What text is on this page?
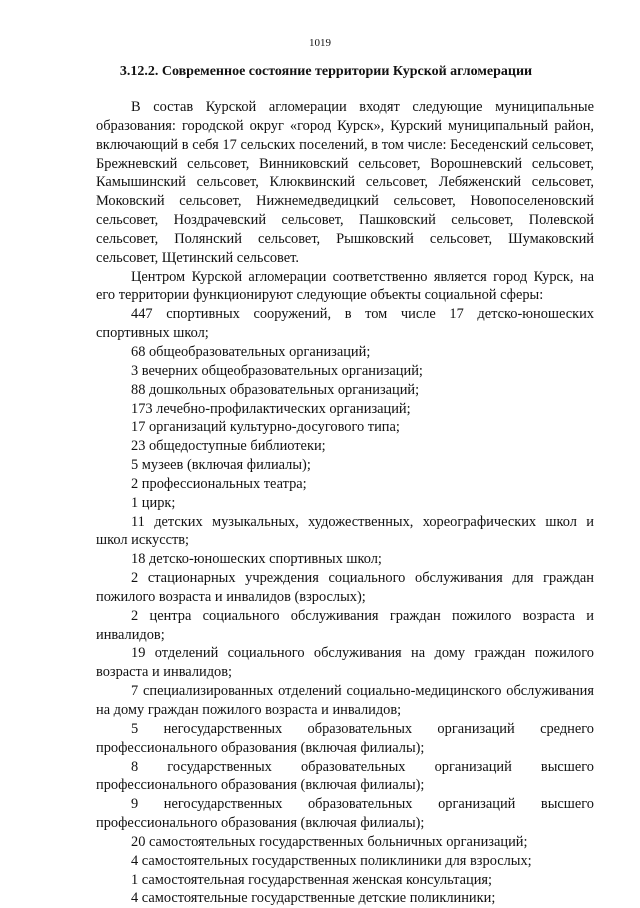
1019
3.12.2. Современное состояние территории Курской агломерации

В состав Курской агломерации входят следующие муниципальные образования: городской округ «город Курск», Курский муниципальный район, включающий в себя 17 сельских поселений, в том числе: Беседенский сельсовет, Брежневский сельсовет, Винниковский сельсовет, Ворошневский сельсовет, Камышинский сельсовет, Клюквинский сельсовет, Лебяженский сельсовет, Моковский сельсовет, Нижнемедведицкий сельсовет, Новопоселеновский сельсовет, Ноздрачевский сельсовет, Пашковский сельсовет, Полевской сельсовет, Полянский сельсовет, Рышковский сельсовет, Шумаковский сельсовет, Щетинский сельсовет.

Центром Курской агломерации соответственно является город Курск, на его территории функционируют следующие объекты социальной сферы:

447 спортивных сооружений, в том числе 17 детско-юношеских спортивных школ;

68 общеобразовательных организаций;

3 вечерних общеобразовательных организаций;

88 дошкольных образовательных организаций;

173 лечебно-профилактических организаций;

17 организаций культурно-досугового типа;

23 общедоступные библиотеки;

5 музеев (включая филиалы);

2 профессиональных театра;

1 цирк;

11 детских музыкальных, художественных, хореографических школ и школ искусств;

18 детско-юношеских спортивных школ;

2 стационарных учреждения социального обслуживания для граждан пожилого возраста и инвалидов (взрослых);

2 центра социального обслуживания граждан пожилого возраста и инвалидов;

19 отделений социального обслуживания на дому граждан пожилого возраста и инвалидов;

7 специализированных отделений социально-медицинского обслуживания на дому граждан пожилого возраста и инвалидов;

5 негосударственных образовательных организаций среднего профессионального образования (включая филиалы);

8 государственных образовательных организаций высшего профессионального образования (включая филиалы);

9 негосударственных образовательных организаций высшего профессионального образования (включая филиалы);

20 самостоятельных государственных больничных организаций;

4 самостоятельных государственных поликлиники для взрослых;

1 самостоятельная государственная женская консультация;

4 самостоятельные государственные детские поликлиники;
